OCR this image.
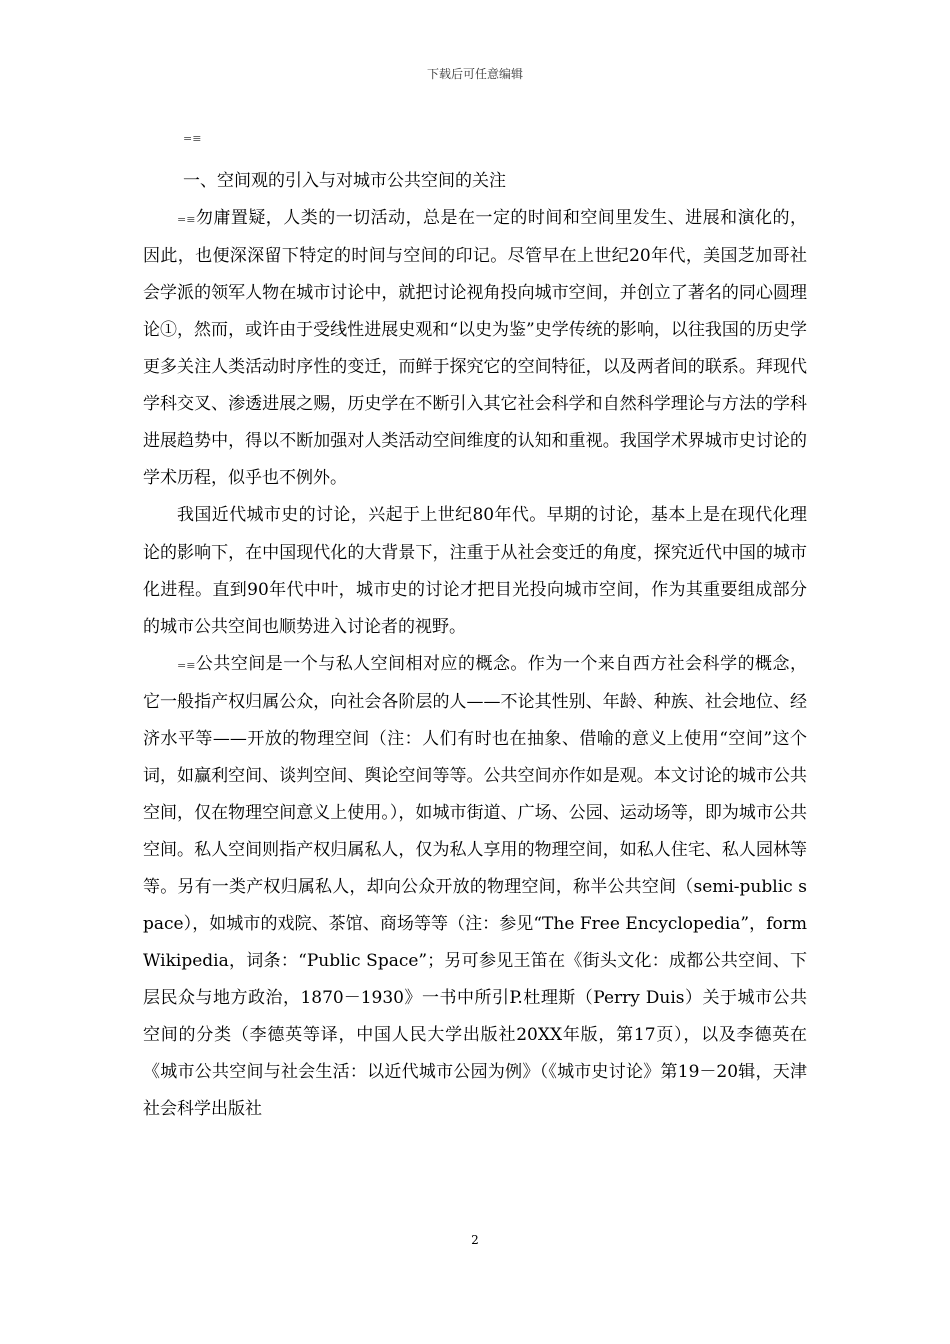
下载后可任意编辑
=≡
一、空间观的引入与对城市公共空间的关注

=≡勿庸置疑，人类的一切活动，总是在一定的时间和空间里发生、进展和演化的，因此，也便深深留下特定的时间与空间的印记。尽管早在上世纪20年代，美国芝加哥社会学派的领军人物在城市讨论中，就把讨论视角投向城市空间，并创立了著名的同心圆理论①，然而，或许由于受线性进展史观和“以史为鉴”史学传统的影响，以往我国的历史学更多关注人类活动时序性的变迁，而鲜于探究它的空间特征，以及两者间的联系。拜现代学科交叉、渗透进展之赐，历史学在不断引入其它社会科学和自然科学理论与方法的学科进展趋势中，得以不断加强对人类活动空间维度的认知和重视。我国学术界城市史讨论的学术历程，似乎也不例外。

我国近代城市史的讨论，兴起于上世纪80年代。早期的讨论，基本上是在现代化理论的影响下，在中国现代化的大背景下，注重于从社会变迁的角度，探究近代中国的城市化进程。直到90年代中叶，城市史的讨论才把目光投向城市空间，作为其重要组成部分的城市公共空间也顺势进入讨论者的视野。

=≡公共空间是一个与私人空间相对应的概念。作为一个来自西方社会科学的概念，它一般指产权归属公众，向社会各阶层的人——不论其性别、年龄、种族、社会地位、经济水平等——开放的物理空间（注：人们有时也在抽象、借喻的意义上使用“空间”这个词，如赢利空间、谈判空间、舆论空间等等。公共空间亦作如是观。本文讨论的城市公共空间，仅在物理空间意义上使用。），如城市街道、广场、公园、运动场等，即为城市公共空间。私人空间则指产权归属私人，仅为私人享用的物理空间，如私人住宅、私人园林等等。另有一类产权归属私人，却向公众开放的物理空间，称半公共空间（semi-public space），如城市的戏院、茶馆、商场等等（注：参见“The Free Encyclopedia”，form Wikipedia，词条：“Public Space”；另可参见王笛在《街头文化：成都公共空间、下层民众与地方政治，1870－1930》一书中所引P.杜理斯（Perry Duis）关于城市公共空间的分类（李德英等译，中国人民大学出版社20XX年版，第17页），以及李德英在《城市公共空间与社会生活：以近代城市公园为例》（《城市史讨论》第19－20辑，天津社会科学出版社

2
